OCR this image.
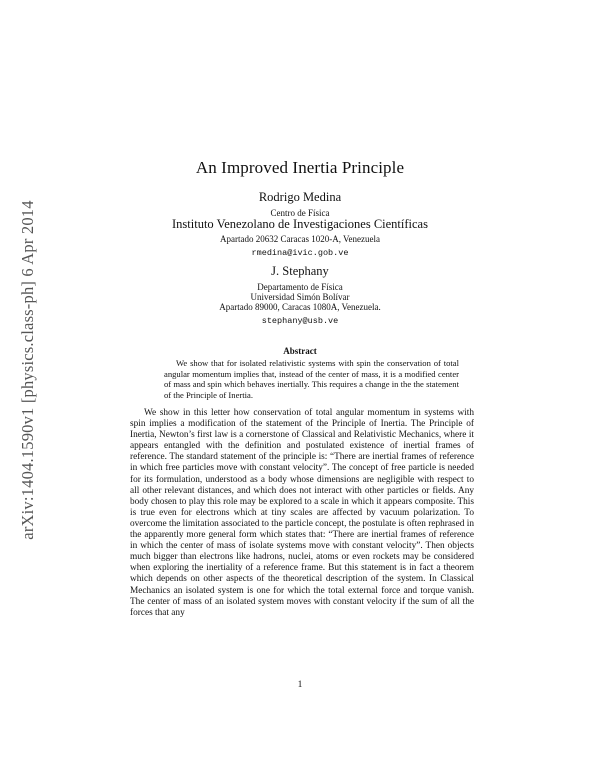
arXiv:1404.1590v1 [physics.class-ph] 6 Apr 2014
An Improved Inertia Principle
Rodrigo Medina
Centro de Física
Instituto Venezolano de Investigaciones Científicas
Apartado 20632 Caracas 1020-A, Venezuela
rmedina@ivic.gob.ve
J. Stephany
Departamento de Física
Universidad Simón Bolívar
Apartado 89000, Caracas 1080A, Venezuela.
stephany@usb.ve
Abstract
We show that for isolated relativistic systems with spin the conservation of total angular momentum implies that, instead of the center of mass, it is a modified center of mass and spin which behaves inertially. This requires a change in the the statement of the Principle of Inertia.

We show in this letter how conservation of total angular momentum in systems with spin implies a modification of the statement of the Principle of Inertia. The Principle of Inertia, Newton’s first law is a cornerstone of Classical and Relativistic Mechanics, where it appears entangled with the definition and postulated existence of inertial frames of reference. The standard statement of the principle is: “There are inertial frames of reference in which free particles move with constant velocity”. The concept of free particle is needed for its formulation, understood as a body whose dimensions are negligible with respect to all other relevant distances, and which does not interact with other particles or fields. Any body chosen to play this role may be explored to a scale in which it appears composite. This is true even for electrons which at tiny scales are affected by vacuum polarization. To overcome the limitation associated to the particle concept, the postulate is often rephrased in the apparently more general form which states that: “There are inertial frames of reference in which the center of mass of isolate systems move with constant velocity”. Then objects much bigger than electrons like hadrons, nuclei, atoms or even rockets may be considered when exploring the inertiality of a reference frame. But this statement is in fact a theorem which depends on other aspects of the theoretical description of the system. In Classical Mechanics an isolated system is one for which the total external force and torque vanish. The center of mass of an isolated system moves with constant velocity if the sum of all the forces that any

1
